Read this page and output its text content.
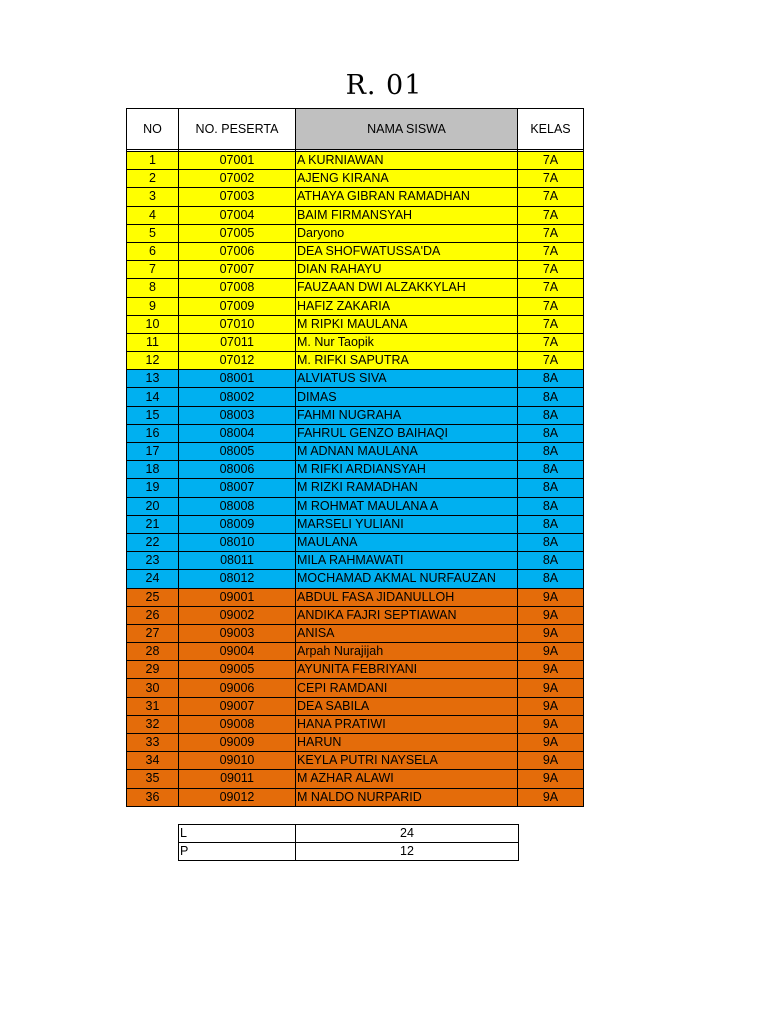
R. 01
NO	NO. PESERTA	NAMA SISWA	KELAS

1	07001	A KURNIAWAN	7A
2	07002	AJENG KIRANA	7A
3	07003	ATHAYA GIBRAN RAMADHAN	7A
4	07004	BAIM FIRMANSYAH	7A
5	07005	Daryono	7A
6	07006	DEA SHOFWATUSSA'DA	7A
7	07007	DIAN RAHAYU	7A
8	07008	FAUZAAN DWI ALZAKKYLAH	7A
9	07009	HAFIZ ZAKARIA	7A
10	07010	M RIPKI MAULANA	7A
11	07011	M. Nur Taopik	7A
12	07012	M. RIFKI SAPUTRA	7A
13	08001	ALVIATUS SIVA	8A
14	08002	DIMAS	8A
15	08003	FAHMI NUGRAHA	8A
16	08004	FAHRUL GENZO BAIHAQI	8A
17	08005	M ADNAN MAULANA	8A
18	08006	M RIFKI ARDIANSYAH	8A
19	08007	M RIZKI RAMADHAN	8A
20	08008	M ROHMAT MAULANA A	8A
21	08009	MARSELI YULIANI	8A
22	08010	MAULANA	8A
23	08011	MILA RAHMAWATI	8A
24	08012	MOCHAMAD AKMAL NURFAUZAN	8A
25	09001	ABDUL FASA JIDANULLOH	9A
26	09002	ANDIKA FAJRI SEPTIAWAN	9A
27	09003	ANISA	9A
28	09004	Arpah Nurajijah	9A
29	09005	AYUNITA FEBRIYANI	9A
30	09006	CEPI RAMDANI	9A
31	09007	DEA SABILA	9A
32	09008	HANA PRATIWI	9A
33	09009	HARUN	9A
34	09010	KEYLA PUTRI NAYSELA	9A
35	09011	M AZHAR ALAWI	9A
36	09012	M NALDO NURPARID	9A
L	24
P	12
